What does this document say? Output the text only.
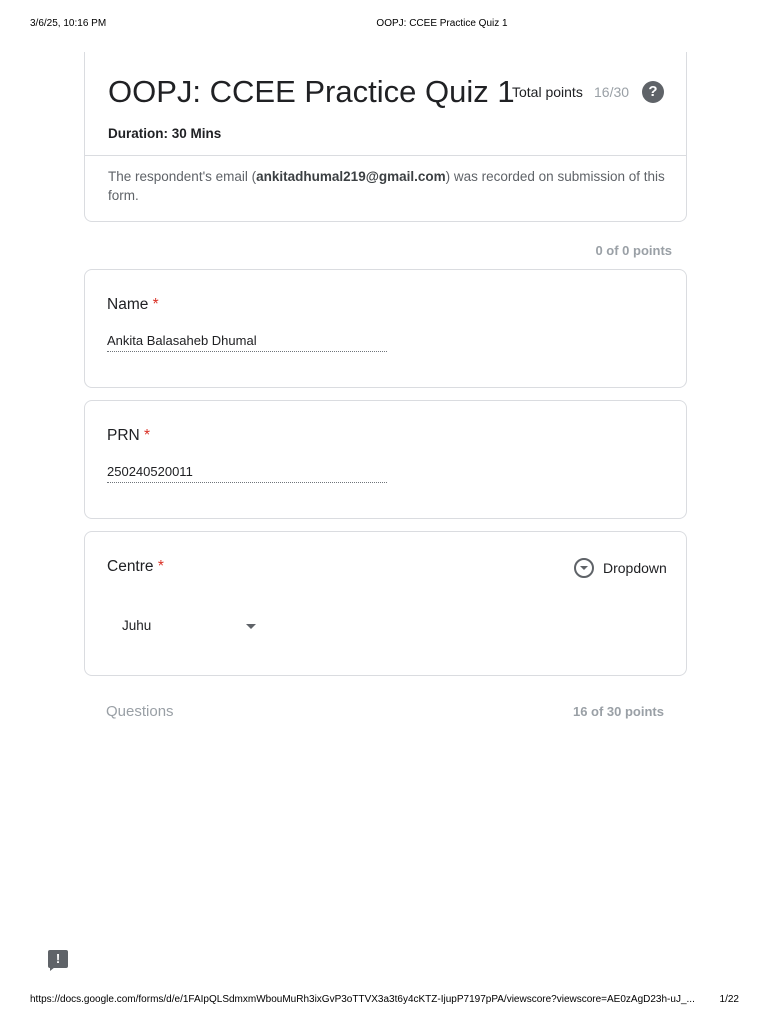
3/6/25, 10:16 PM	OOPJ: CCEE Practice Quiz 1
OOPJ: CCEE Practice Quiz 1
Total points 16/30	?
Duration: 30 Mins
The respondent's email (ankitadhumal219@gmail.com) was recorded on submission of this form.
0 of 0 points
Name *
Ankita Balasaheb Dhumal
PRN *
250240520011
Centre *	Dropdown
Juhu
Questions	16 of 30 points
!
https://docs.google.com/forms/d/e/1FAIpQLSdmxmWbouMuRh3ixGvP3oTTVX3a3t6y4cKTZ-IjupP7197pPA/viewscore?viewscore=AE0zAgD23h-uJ_... 1/22
